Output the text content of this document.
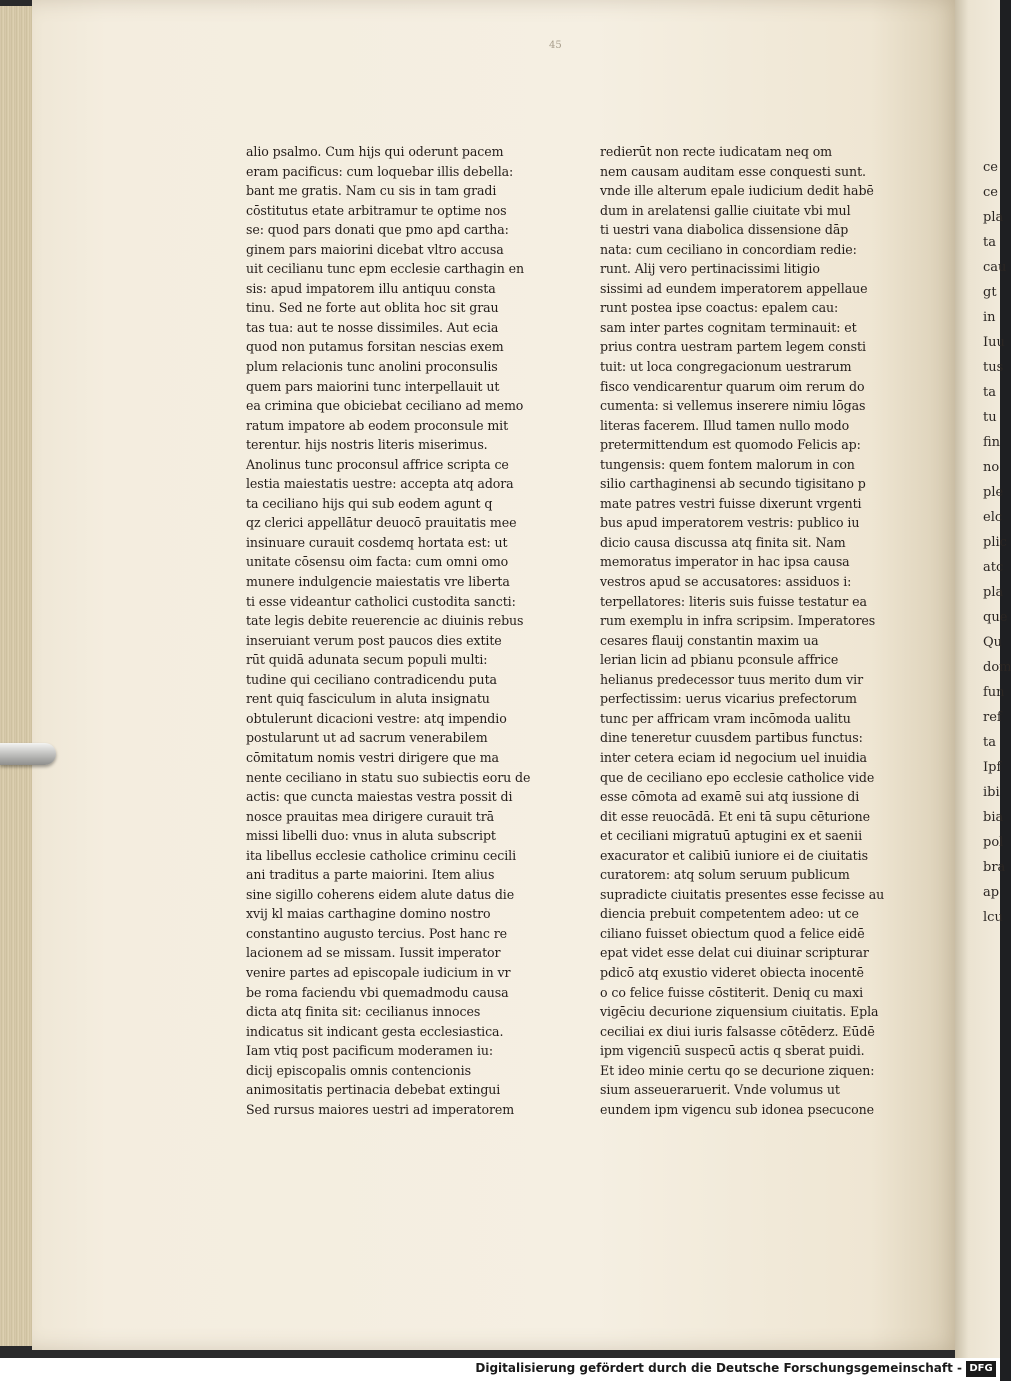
ce
ce
pla
ta
cau
gt
in
Iuu
tus
ta
tu
fin
no
ple
elc
plic
atc
pla
que
Qu
dom
fun
ref
ta
Ipf
ibi
bia
pol
bra
ap
lcu
45
alio psalmo. Cum hijs qui oderunt pacem
eram pacificus: cum loquebar illis debella:
bant me gratis. Nam cu sis in tam gradi
cōstitutus etate arbitramur te optime nos
se: quod pars donati que pmo apd cartha:
ginem pars maiorini dicebat vltro accusa
uit cecilianu tunc epm ecclesie carthagin en
sis: apud impatorem illu antiquu consta
tinu. Sed ne forte aut oblita hoc sit grau
tas tua: aut te nosse dissimiles. Aut ecia
quod non putamus forsitan nescias exem
plum relacionis tunc anolini proconsulis
quem pars maiorini tunc interpellauit ut
ea crimina que obiciebat ceciliano ad memo
ratum impatore ab eodem proconsule mit
terentur. hijs nostris literis miserimus.
Anolinus tunc proconsul affrice scripta ce
lestia maiestatis uestre: accepta atq adora
ta ceciliano hijs qui sub eodem agunt q
qz clerici appellātur deuocō prauitatis mee
insinuare curauit cosdemq hortata est: ut
unitate cōsensu oim facta: cum omni omo
munere indulgencie maiestatis vre liberta
ti esse videantur catholici custodita sancti:
tate legis debite reuerencie ac diuinis rebus
inseruiant verum post paucos dies extite
rūt quidā adunata secum populi multi:
tudine qui ceciliano contradicendu puta
rent quiq fasciculum in aluta insignatu
obtulerunt dicacioni vestre: atq impendio
postularunt ut ad sacrum venerabilem
cōmitatum nomis vestri dirigere que ma
nente ceciliano in statu suo subiectis eoru de
actis: que cuncta maiestas vestra possit di
nosce prauitas mea dirigere curauit trā
missi libelli duo: vnus in aluta subscript
ita libellus ecclesie catholice criminu cecili
ani traditus a parte maiorini. Item alius
sine sigillo coherens eidem alute datus die
xvij kl maias carthagine domino nostro
constantino augusto tercius. Post hanc re
lacionem ad se missam. Iussit imperator
venire partes ad episcopale iudicium in vr
be roma faciendu vbi quemadmodu causa
dicta atq finita sit: cecilianus innoces
indicatus sit indicant gesta ecclesiastica.
Iam vtiq post pacificum moderamen iu:
dicij episcopalis omnis contencionis
animositatis pertinacia debebat extingui
Sed rursus maiores uestri ad imperatorem
redierūt non recte iudicatam neq om
nem causam auditam esse conquesti sunt.
vnde ille alterum epale iudicium dedit habē
dum in arelatensi gallie ciuitate vbi mul
ti uestri vana diabolica dissensione dāp
nata: cum ceciliano in concordiam redie:
runt. Alij vero pertinacissimi litigio
sissimi ad eundem imperatorem appellaue
runt postea ipse coactus: epalem cau:
sam inter partes cognitam terminauit: et
prius contra uestram partem legem consti
tuit: ut loca congregacionum uestrarum
fisco vendicarentur quarum oim rerum do
cumenta: si vellemus inserere nimiu lōgas
literas facerem. Illud tamen nullo modo
pretermittendum est quomodo Felicis ap:
tungensis: quem fontem malorum in con
silio carthaginensi ab secundo tigisitano p
mate patres vestri fuisse dixerunt vrgenti
bus apud imperatorem vestris: publico iu
dicio causa discussa atq finita sit. Nam
memoratus imperator in hac ipsa causa
vestros apud se accusatores: assiduos i:
terpellatores: literis suis fuisse testatur ea
rum exemplu in infra scripsim. Imperatores
cesares flauij constantin maxim ua
lerian licin ad pbianu pconsule affrice
helianus predecessor tuus merito dum vir
perfectissim: uerus vicarius prefectorum
tunc per affricam vram incōmoda ualitu
dine teneretur cuusdem partibus functus:
inter cetera eciam id negocium uel inuidia
que de ceciliano epo ecclesie catholice vide
esse cōmota ad examē sui atq iussione di
dit esse reuocādā. Et eni tā supu cēturione
et ceciliani migratuū aptugini ex et saenii
exacurator et calibiū iuniore ei de ciuitatis
curatorem: atq solum seruum publicum
supradicte ciuitatis presentes esse fecisse au
diencia prebuit competentem adeo: ut ce
ciliano fuisset obiectum quod a felice eidē
epat videt esse delat cui diuinar scripturar
pdicō atq exustio videret obiecta inocentē
o co felice fuisse cōstiterit. Deniq cu maxi
vigēciu decurione ziquensium ciuitatis. Epla
ceciliai ex diui iuris falsasse cōtēderz. Eūdē
ipm vigenciū suspecū actis q sberat puidi.
Et ideo minie certu qo se decurione ziquen:
sium asseueraruerit. Vnde volumus ut
eundem ipm vigencu sub idonea psecucone
Digitalisierung gefördert durch die Deutsche Forschungsgemeinschaft - DFG
